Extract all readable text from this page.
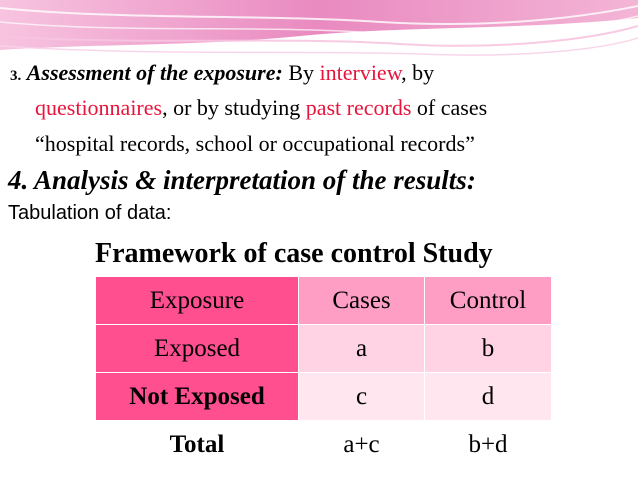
3. Assessment of the exposure: By interview, by
questionnaires, or by studying past records of cases
“hospital records, school or occupational records”
4. Analysis & interpretation of the results:
Tabulation of data:
Framework of case control Study
Exposure	Cases	Control
Exposed	a	b
Not Exposed	c	d
Total	a+c	b+d
